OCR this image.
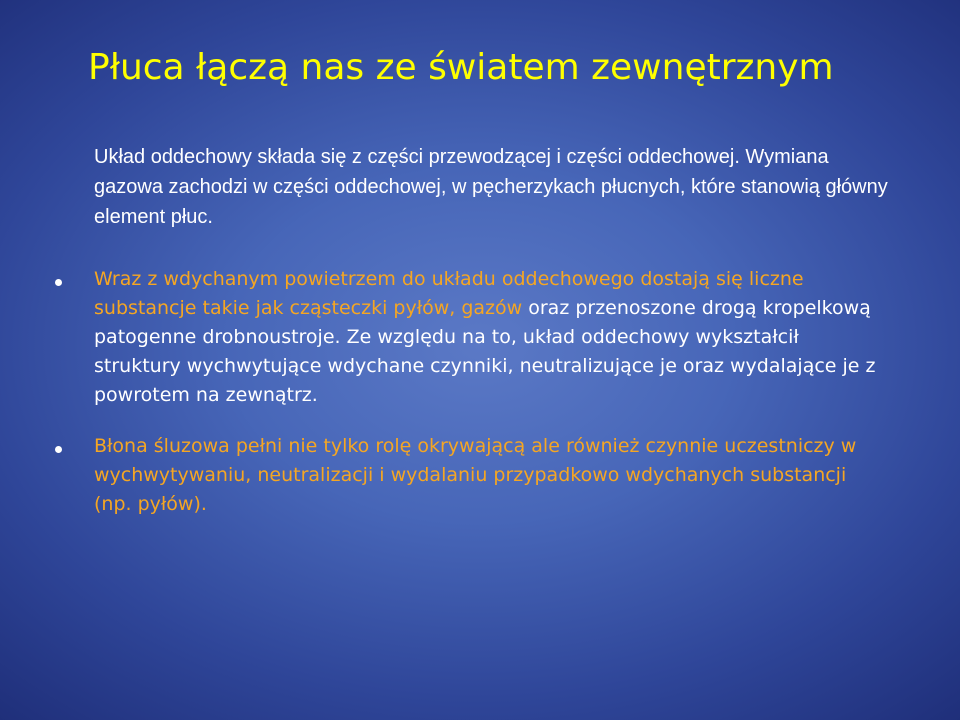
Płuca łączą nas ze światem zewnętrznym

Układ oddechowy składa się z części przewodzącej i części oddechowej. Wymiana gazowa zachodzi w części oddechowej, w pęcherzykach płucnych, które stanowią główny element płuc.

Wraz z wdychanym powietrzem do układu oddechowego dostają się liczne substancje takie jak cząsteczki pyłów, gazów oraz przenoszone drogą kropelkową patogenne drobnoustroje. Ze względu na to, układ oddechowy wykształcił struktury wychwytujące wdychane czynniki, neutralizujące je oraz wydalające je z powrotem na zewnątrz.

Błona śluzowa pełni nie tylko rolę okrywającą ale również czynnie uczestniczy w wychwytywaniu, neutralizacji i wydalaniu przypadkowo wdychanych substancji (np. pyłów).
